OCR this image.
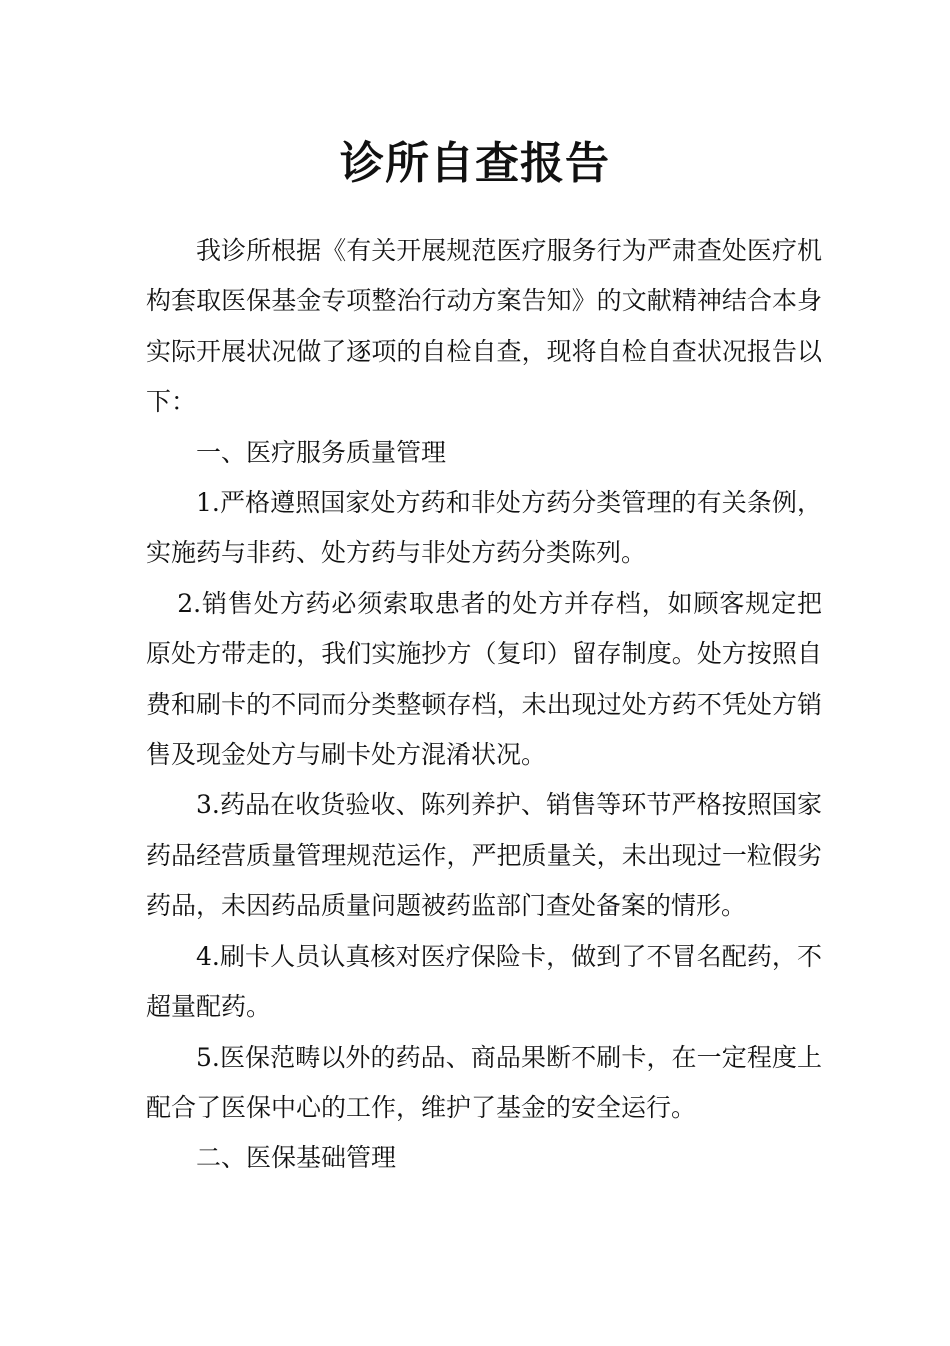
诊所自查报告

我诊所根据《有关开展规范医疗服务行为严肃查处医疗机构套取医保基金专项整治行动方案告知》的文献精神结合本身实际开展状况做了逐项的自检自查，现将自检自查状况报告以下：

一、医疗服务质量管理

1.严格遵照国家处方药和非处方药分类管理的有关条例，实施药与非药、处方药与非处方药分类陈列。

2.销售处方药必须索取患者的处方并存档，如顾客规定把原处方带走的，我们实施抄方（复印）留存制度。处方按照自费和刷卡的不同而分类整顿存档，未出现过处方药不凭处方销售及现金处方与刷卡处方混淆状况。

3.药品在收货验收、陈列养护、销售等环节严格按照国家药品经营质量管理规范运作，严把质量关，未出现过一粒假劣药品，未因药品质量问题被药监部门查处备案的情形。

4.刷卡人员认真核对医疗保险卡，做到了不冒名配药，不超量配药。

5.医保范畴以外的药品、商品果断不刷卡，在一定程度上配合了医保中心的工作，维护了基金的安全运行。

二、医保基础管理
